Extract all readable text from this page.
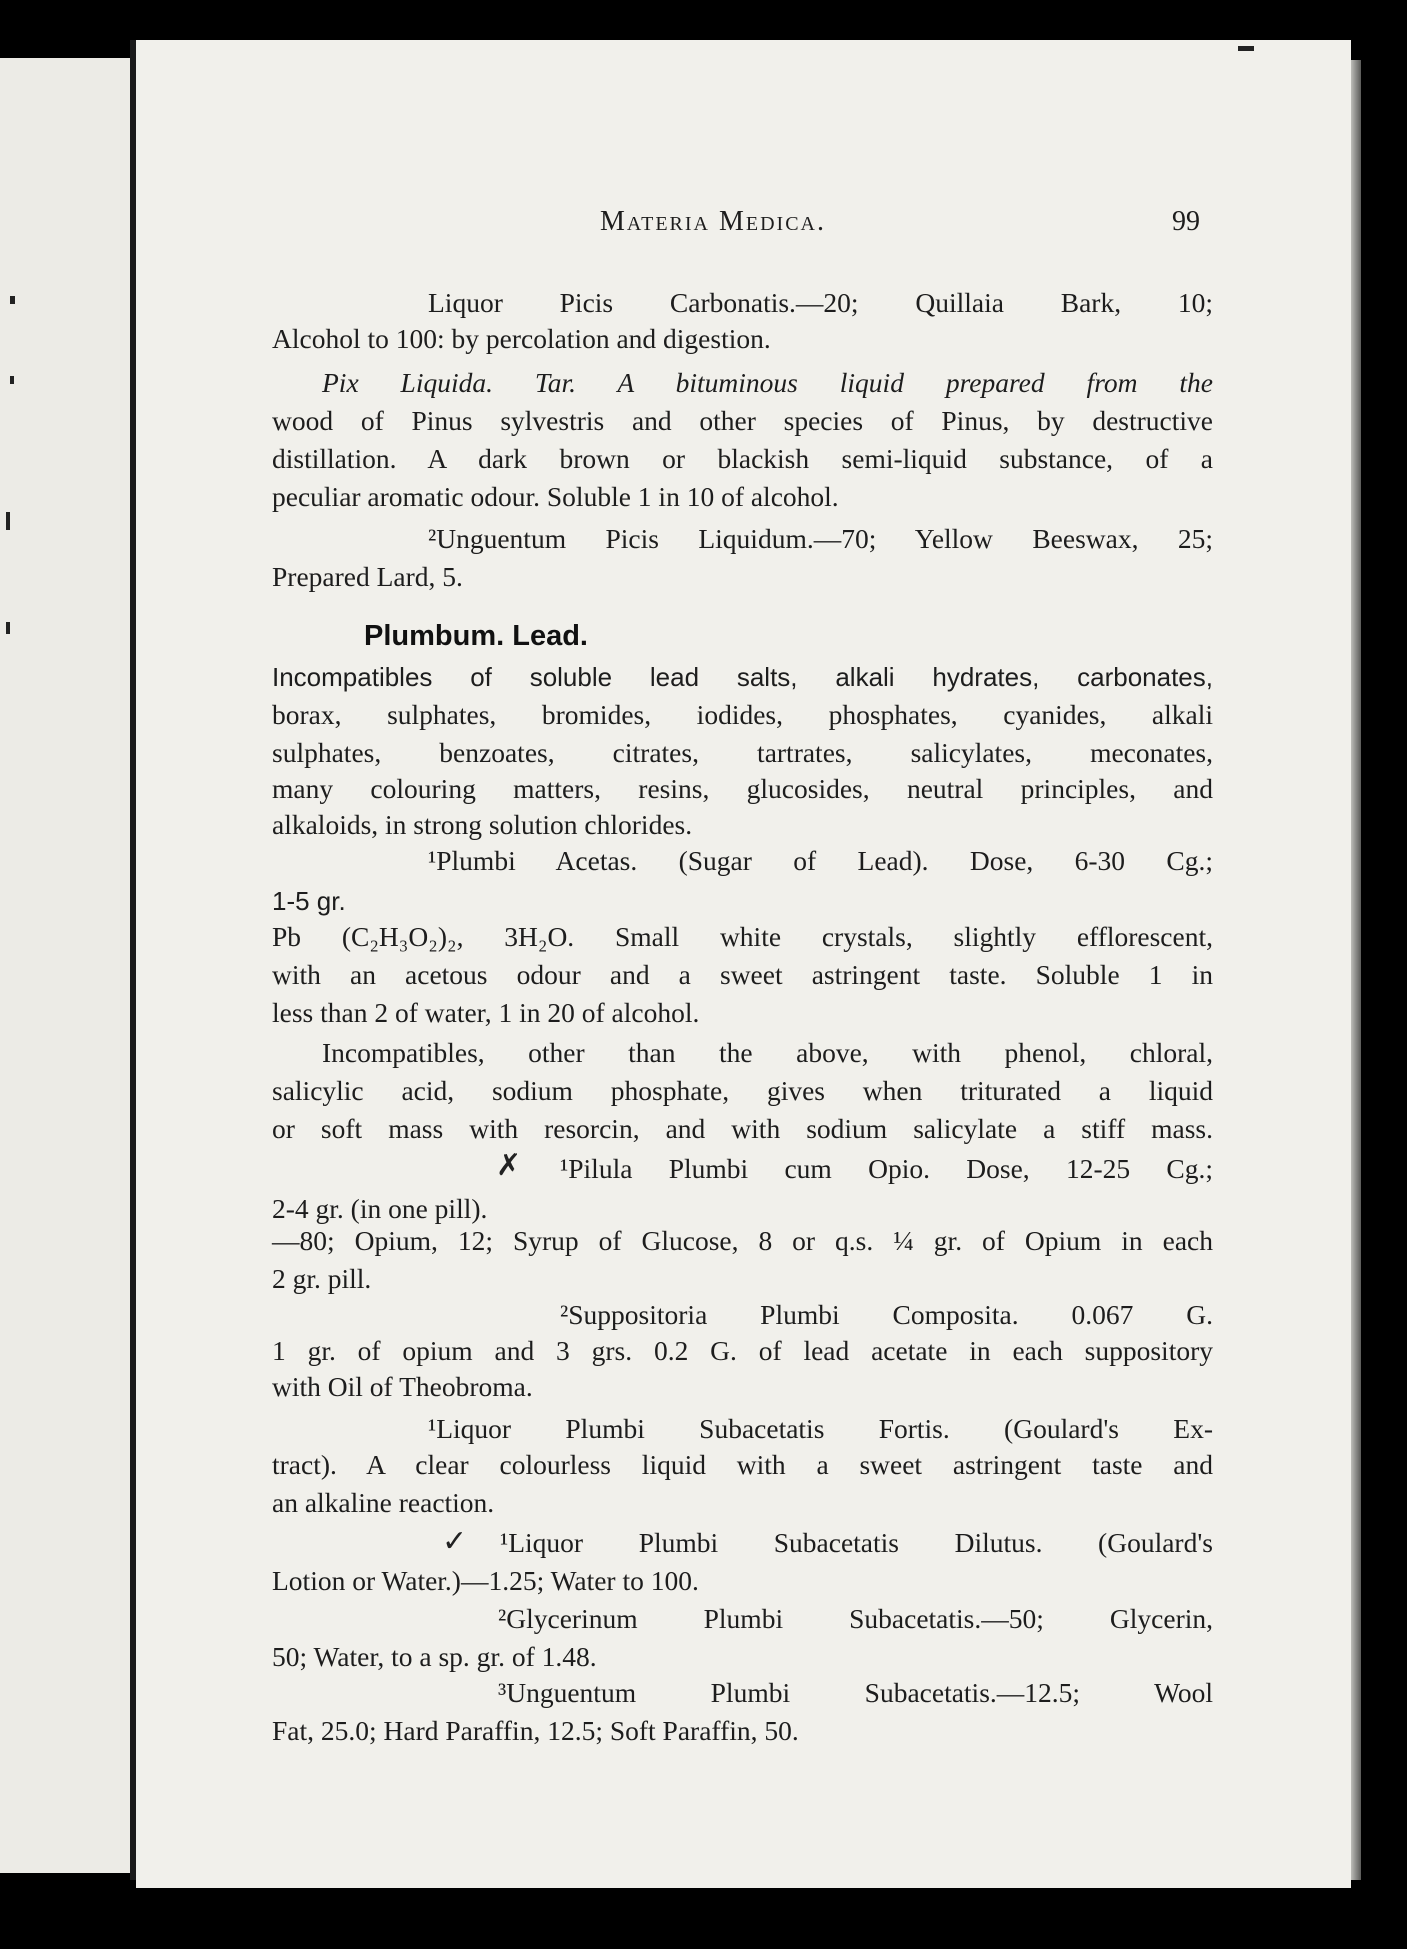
Materia Medica.	99
Liquor Picis Carbonatis.—20; Quillaia Bark, 10;
Alcohol to 100: by percolation and digestion.
Pix Liquida. Tar. A bituminous liquid prepared from the
wood of Pinus sylvestris and other species of Pinus, by destructive
distillation. A dark brown or blackish semi-liquid substance, of a
peculiar aromatic odour. Soluble 1 in 10 of alcohol.
²Unguentum Picis Liquidum.—70; Yellow Beeswax, 25;
Prepared Lard, 5.
Plumbum. Lead.
Incompatibles of soluble lead salts, alkali hydrates, carbonates,
borax, sulphates, bromides, iodides, phosphates, cyanides, alkali
sulphates, benzoates, citrates, tartrates, salicylates, meconates,
many colouring matters, resins, glucosides, neutral principles, and
alkaloids, in strong solution chlorides.
¹Plumbi Acetas. (Sugar of Lead). Dose, 6-30 Cg.;
1-5 gr.
Pb (C₂H₃O₂)₂, 3H₂O. Small white crystals, slightly efflorescent,
with an acetous odour and a sweet astringent taste. Soluble 1 in
less than 2 of water, 1 in 20 of alcohol.
Incompatibles, other than the above, with phenol, chloral,
salicylic acid, sodium phosphate, gives when triturated a liquid
or soft mass with resorcin, and with sodium salicylate a stiff mass.
¹Pilula Plumbi cum Opio. Dose, 12-25 Cg.;
2-4 gr. (in one pill).
—80; Opium, 12; Syrup of Glucose, 8 or q.s. ¼ gr. of Opium in each
2 gr. pill.
²Suppositoria Plumbi Composita. 0.067 G.
1 gr. of opium and 3 grs. 0.2 G. of lead acetate in each suppository
with Oil of Theobroma.
¹Liquor Plumbi Subacetatis Fortis. (Goulard's Ex-
tract). A clear colourless liquid with a sweet astringent taste and
an alkaline reaction.
¹Liquor Plumbi Subacetatis Dilutus. (Goulard's
Lotion or Water.)—1.25; Water to 100.
²Glycerinum Plumbi Subacetatis.—50; Glycerin,
50; Water, to a sp. gr. of 1.48.
³Unguentum Plumbi Subacetatis.—12.5; Wool
Fat, 25.0; Hard Paraffin, 12.5; Soft Paraffin, 50.
✗
✓
